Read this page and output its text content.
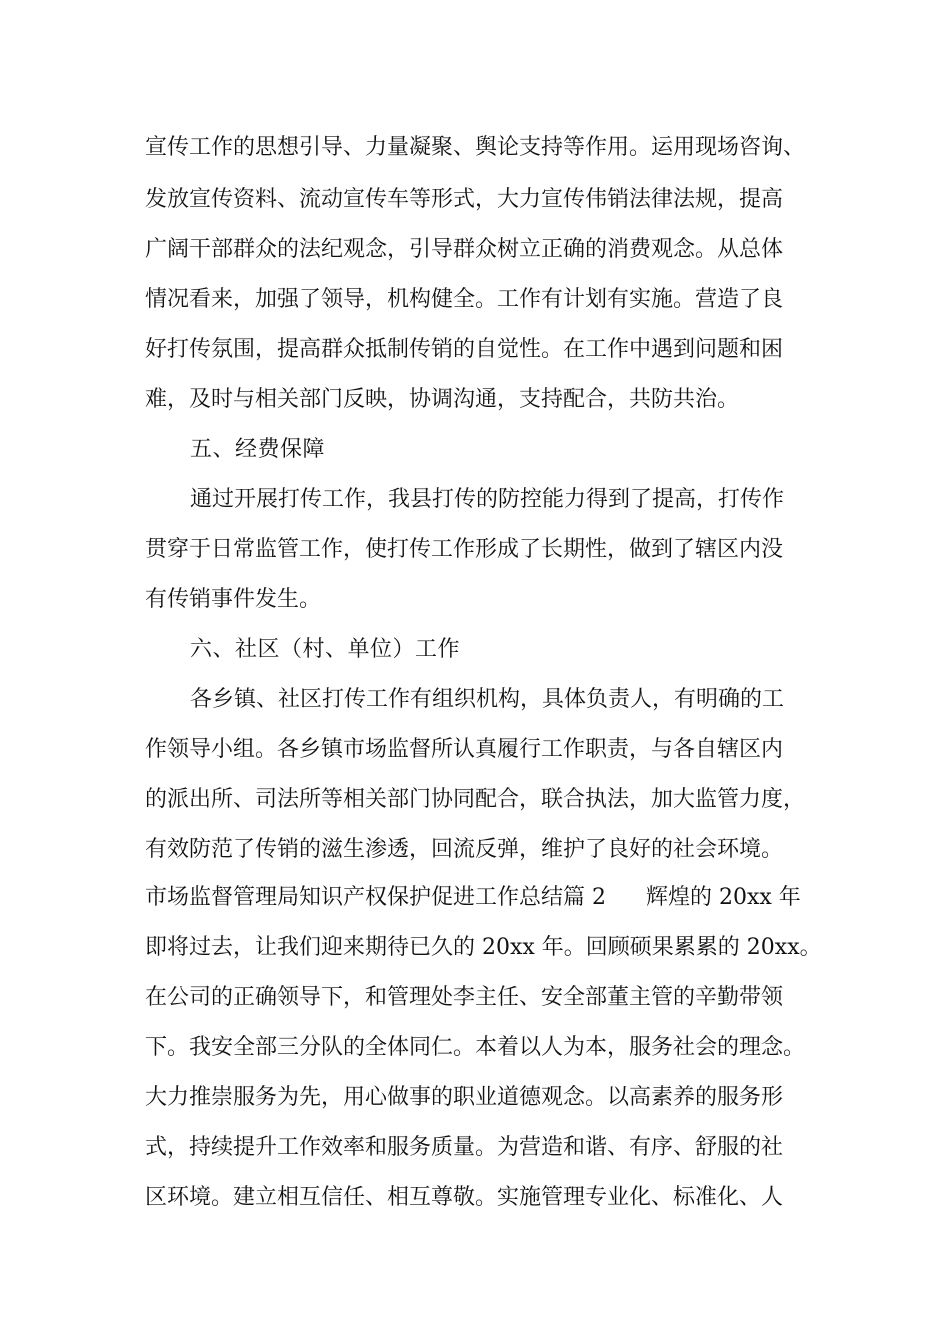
宣传工作的思想引导、力量凝聚、舆论支持等作用。运用现场咨询、
发放宣传资料、流动宣传车等形式，大力宣传伟销法律法规，提高
广阔干部群众的法纪观念，引导群众树立正确的消费观念。从总体
情况看来，加强了领导，机构健全。工作有计划有实施。营造了良
好打传氛围，提高群众抵制传销的自觉性。在工作中遇到问题和困
难，及时与相关部门反映，协调沟通，支持配合，共防共治。
五、经费保障
通过开展打传工作，我县打传的防控能力得到了提高，打传作
贯穿于日常监管工作，使打传工作形成了长期性，做到了辖区内没
有传销事件发生。
六、社区（村、单位）工作
各乡镇、社区打传工作有组织机构，具体负责人，有明确的工
作领导小组。各乡镇市场监督所认真履行工作职责，与各自辖区内
的派出所、司法所等相关部门协同配合，联合执法，加大监管力度，
有效防范了传销的滋生渗透，回流反弹，维护了良好的社会环境。
市场监督管理局知识产权保护促进工作总结篇 2 辉煌的 20xx 年
即将过去，让我们迎来期待已久的 20xx 年。回顾硕果累累的 20xx。
在公司的正确领导下，和管理处李主任、安全部董主管的辛勤带领
下。我安全部三分队的全体同仁。本着以人为本，服务社会的理念。
大力推崇服务为先，用心做事的职业道德观念。以高素养的服务形
式，持续提升工作效率和服务质量。为营造和谐、有序、舒服的社
区环境。建立相互信任、相互尊敬。实施管理专业化、标准化、人
